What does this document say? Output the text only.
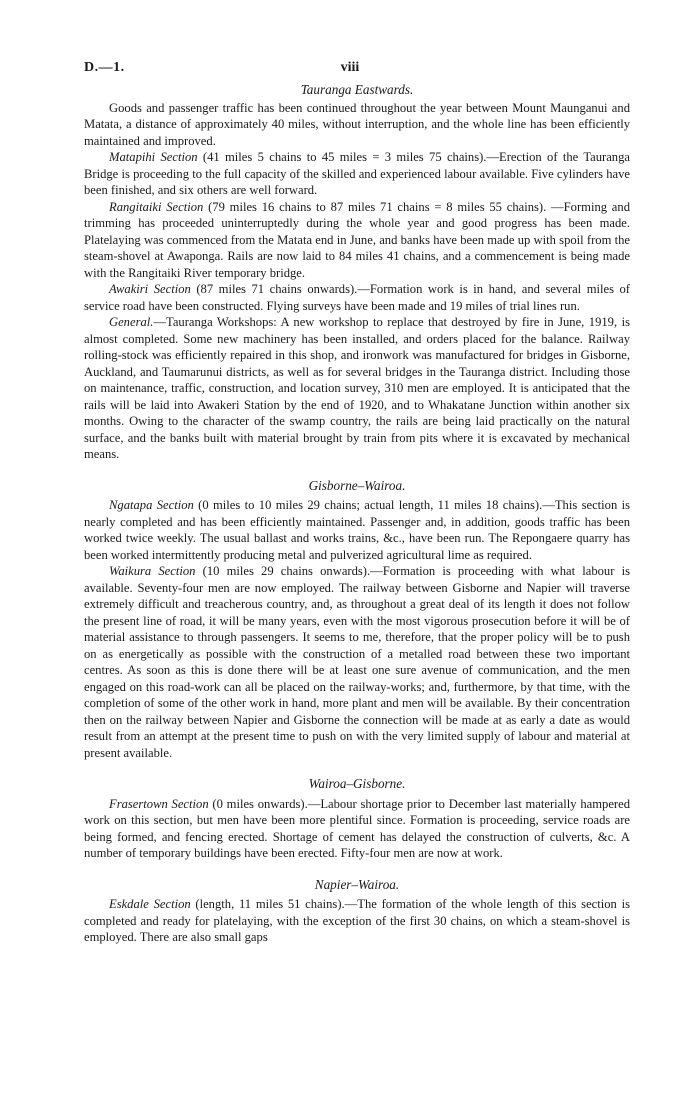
D.—1.	viii
Tauranga Eastwards.

Goods and passenger traffic has been continued throughout the year between Mount Maunganui and Matata, a distance of approximately 40 miles, without interruption, and the whole line has been efficiently maintained and improved.

Matapihi Section (41 miles 5 chains to 45 miles = 3 miles 75 chains).—Erection of the Tauranga Bridge is proceeding to the full capacity of the skilled and experienced labour available. Five cylinders have been finished, and six others are well forward.

Rangitaiki Section (79 miles 16 chains to 87 miles 71 chains = 8 miles 55 chains). —Forming and trimming has proceeded uninterruptedly during the whole year and good progress has been made. Platelaying was commenced from the Matata end in June, and banks have been made up with spoil from the steam-shovel at Awaponga. Rails are now laid to 84 miles 41 chains, and a commencement is being made with the Rangitaiki River temporary bridge.

Awakiri Section (87 miles 71 chains onwards).—Formation work is in hand, and several miles of service road have been constructed. Flying surveys have been made and 19 miles of trial lines run.

General.—Tauranga Workshops: A new workshop to replace that destroyed by fire in June, 1919, is almost completed. Some new machinery has been installed, and orders placed for the balance. Railway rolling-stock was efficiently repaired in this shop, and ironwork was manufactured for bridges in Gisborne, Auckland, and Taumarunui districts, as well as for several bridges in the Tauranga district. Including those on maintenance, traffic, construction, and location survey, 310 men are employed. It is anticipated that the rails will be laid into Awakeri Station by the end of 1920, and to Whakatane Junction within another six months. Owing to the character of the swamp country, the rails are being laid practically on the natural surface, and the banks built with material brought by train from pits where it is excavated by mechanical means.

Gisborne–Wairoa.

Ngatapa Section (0 miles to 10 miles 29 chains; actual length, 11 miles 18 chains).—This section is nearly completed and has been efficiently maintained. Passenger and, in addition, goods traffic has been worked twice weekly. The usual ballast and works trains, &c., have been run. The Repongaere quarry has been worked intermittently producing metal and pulverized agricultural lime as required.

Waikura Section (10 miles 29 chains onwards).—Formation is proceeding with what labour is available. Seventy-four men are now employed. The railway between Gisborne and Napier will traverse extremely difficult and treacherous country, and, as throughout a great deal of its length it does not follow the present line of road, it will be many years, even with the most vigorous prosecution before it will be of material assistance to through passengers. It seems to me, therefore, that the proper policy will be to push on as energetically as possible with the construction of a metalled road between these two important centres. As soon as this is done there will be at least one sure avenue of communication, and the men engaged on this road-work can all be placed on the railway-works; and, furthermore, by that time, with the completion of some of the other work in hand, more plant and men will be available. By their concentration then on the railway between Napier and Gisborne the connection will be made at as early a date as would result from an attempt at the present time to push on with the very limited supply of labour and material at present available.

Wairoa–Gisborne.

Frasertown Section (0 miles onwards).—Labour shortage prior to December last materially hampered work on this section, but men have been more plentiful since. Formation is proceeding, service roads are being formed, and fencing erected. Shortage of cement has delayed the construction of culverts, &c. A number of temporary buildings have been erected. Fifty-four men are now at work.

Napier–Wairoa.

Eskdale Section (length, 11 miles 51 chains).—The formation of the whole length of this section is completed and ready for platelaying, with the exception of the first 30 chains, on which a steam-shovel is employed. There are also small gaps
